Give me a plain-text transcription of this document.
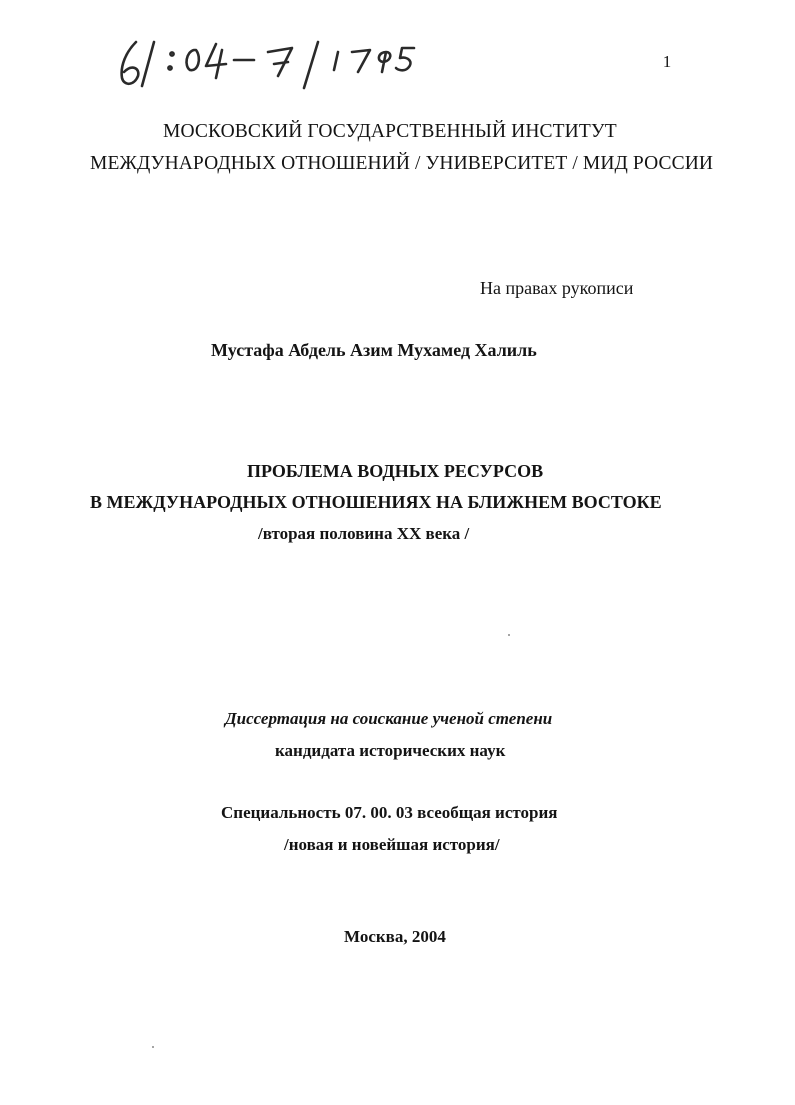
1
МОСКОВСКИЙ ГОСУДАРСТВЕННЫЙ ИНСТИТУТ
МЕЖДУНАРОДНЫХ ОТНОШЕНИЙ / УНИВЕРСИТЕТ / МИД РОССИИ
На правах рукописи
Мустафа Абдель Азим Мухамед Халиль
ПРОБЛЕМА ВОДНЫХ РЕСУРСОВ
В МЕЖДУНАРОДНЫХ ОТНОШЕНИЯХ НА БЛИЖНЕМ ВОСТОКЕ
/вторая половина XX века /
Диссертация на соискание ученой степени
кандидата исторических наук
Специальность 07. 00. 03 всеобщая история
/новая и новейшая история/
Москва, 2004
